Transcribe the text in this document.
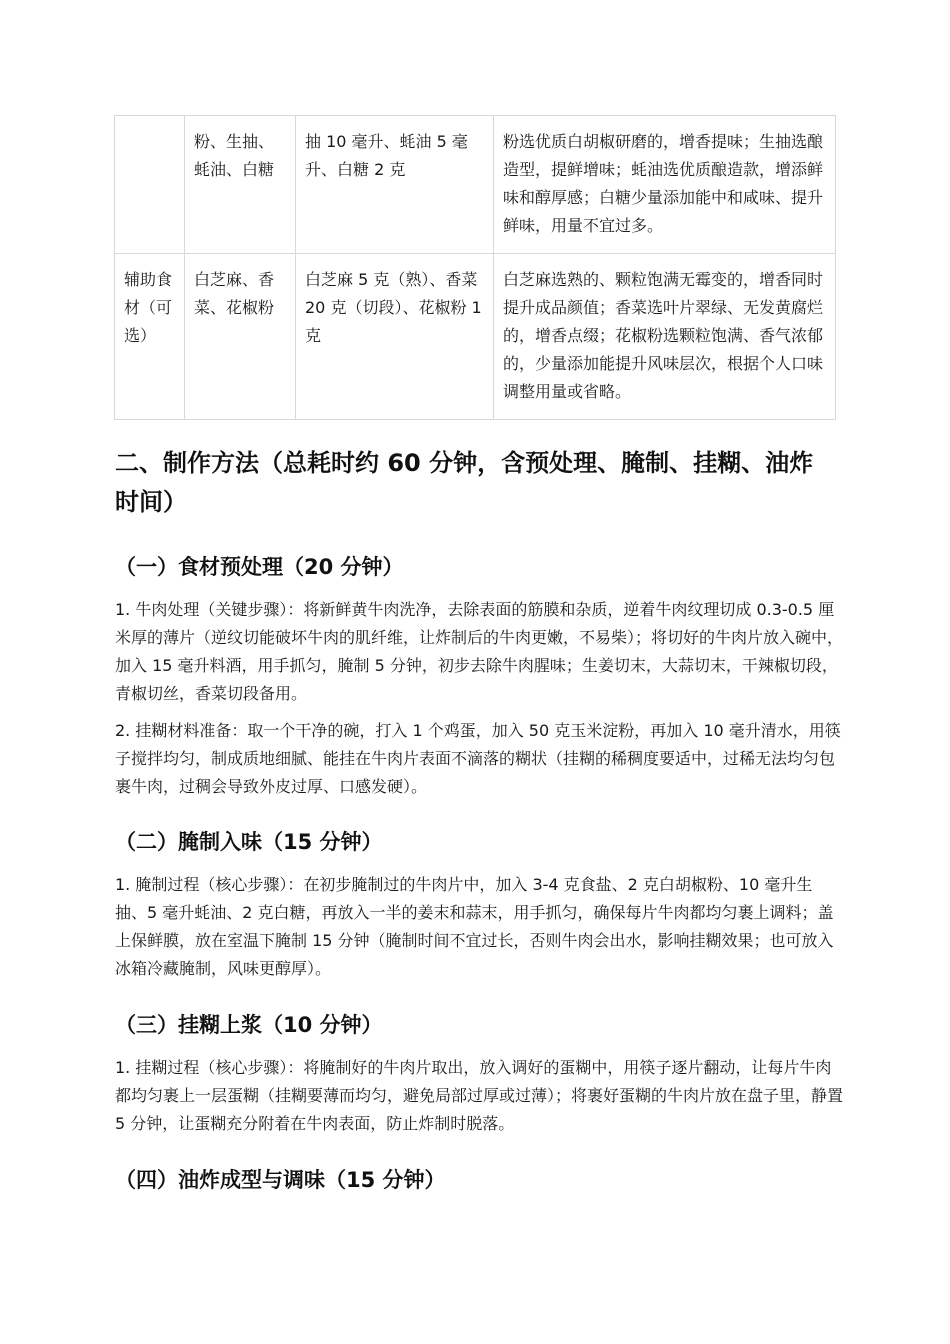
	粉、生抽、蚝油、白糖	抽 10 毫升、蚝油 5 毫升、白糖 2 克	粉选优质白胡椒研磨的，增香提味；生抽选酿造型，提鲜增味；蚝油选优质酿造款，增添鲜味和醇厚感；白糖少量添加能中和咸味、提升鲜味，用量不宜过多。
辅助食材（可选）	白芝麻、香菜、花椒粉	白芝麻 5 克（熟）、香菜 20 克（切段）、花椒粉 1 克	白芝麻选熟的、颗粒饱满无霉变的，增香同时提升成品颜值；香菜选叶片翠绿、无发黄腐烂的，增香点缀；花椒粉选颗粒饱满、香气浓郁的，少量添加能提升风味层次，根据个人口味调整用量或省略。
二、制作方法（总耗时约 60 分钟，含预处理、腌制、挂糊、油炸时间）
（一）食材预处理（20 分钟）
1. 牛肉处理（关键步骤）：将新鲜黄牛肉洗净，去除表面的筋膜和杂质，逆着牛肉纹理切成 0.3-0.5 厘米厚的薄片（逆纹切能破坏牛肉的肌纤维，让炸制后的牛肉更嫩，不易柴）；将切好的牛肉片放入碗中，加入 15 毫升料酒，用手抓匀，腌制 5 分钟，初步去除牛肉腥味；生姜切末，大蒜切末，干辣椒切段，青椒切丝，香菜切段备用。
2. 挂糊材料准备：取一个干净的碗，打入 1 个鸡蛋，加入 50 克玉米淀粉，再加入 10 毫升清水，用筷子搅拌均匀，制成质地细腻、能挂在牛肉片表面不滴落的糊状（挂糊的稀稠度要适中，过稀无法均匀包裹牛肉，过稠会导致外皮过厚、口感发硬）。
（二）腌制入味（15 分钟）
1. 腌制过程（核心步骤）：在初步腌制过的牛肉片中，加入 3-4 克食盐、2 克白胡椒粉、10 毫升生抽、5 毫升蚝油、2 克白糖，再放入一半的姜末和蒜末，用手抓匀，确保每片牛肉都均匀裹上调料；盖上保鲜膜，放在室温下腌制 15 分钟（腌制时间不宜过长，否则牛肉会出水，影响挂糊效果；也可放入冰箱冷藏腌制，风味更醇厚）。
（三）挂糊上浆（10 分钟）
1. 挂糊过程（核心步骤）：将腌制好的牛肉片取出，放入调好的蛋糊中，用筷子逐片翻动，让每片牛肉都均匀裹上一层蛋糊（挂糊要薄而均匀，避免局部过厚或过薄）；将裹好蛋糊的牛肉片放在盘子里，静置 5 分钟，让蛋糊充分附着在牛肉表面，防止炸制时脱落。
（四）油炸成型与调味（15 分钟）
